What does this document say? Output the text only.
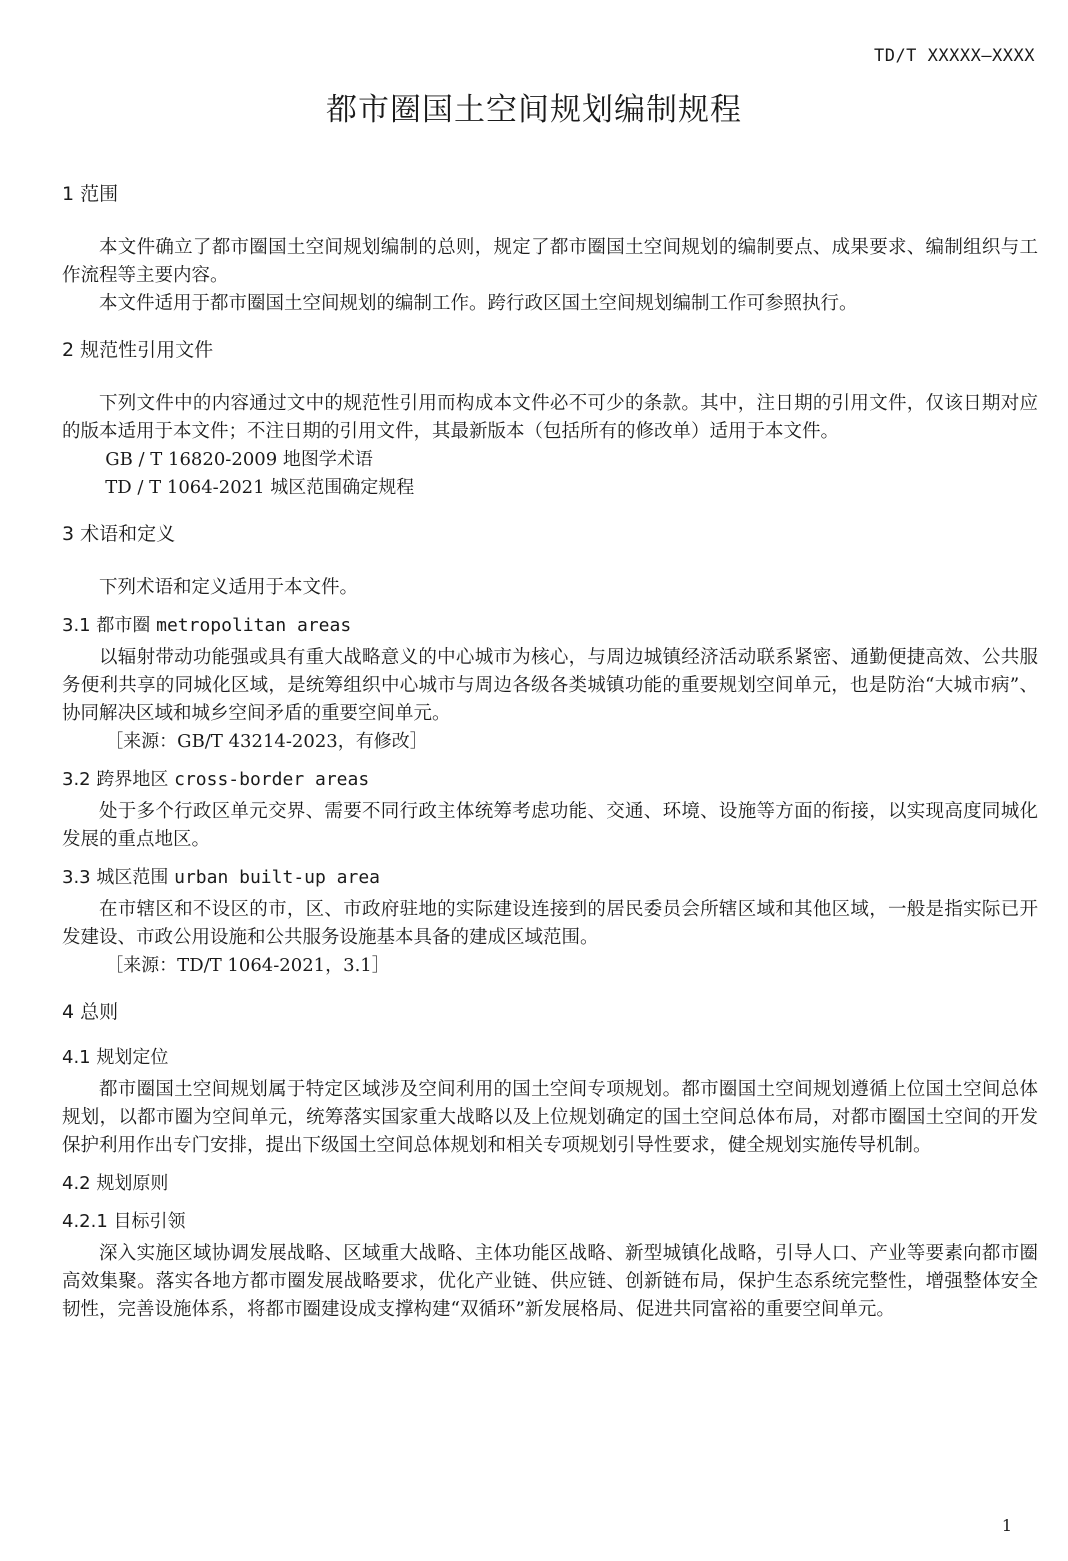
TD/T XXXXX—XXXX
都市圈国土空间规划编制规程
1 范围

本文件确立了都市圈国土空间规划编制的总则，规定了都市圈国土空间规划的编制要点、成果要求、编制组织与工作流程等主要内容。

本文件适用于都市圈国土空间规划的编制工作。跨行政区国土空间规划编制工作可参照执行。

2 规范性引用文件

下列文件中的内容通过文中的规范性引用而构成本文件必不可少的条款。其中，注日期的引用文件，仅该日期对应的版本适用于本文件；不注日期的引用文件，其最新版本（包括所有的修改单）适用于本文件。

GB / T 16820-2009 地图学术语

TD / T 1064-2021 城区范围确定规程

3 术语和定义

下列术语和定义适用于本文件。

3.1 都市圈 metropolitan areas

以辐射带动功能强或具有重大战略意义的中心城市为核心，与周边城镇经济活动联系紧密、通勤便捷高效、公共服务便利共享的同城化区域，是统筹组织中心城市与周边各级各类城镇功能的重要规划空间单元，也是防治“大城市病”、协同解决区域和城乡空间矛盾的重要空间单元。

［来源：GB/T 43214-2023，有修改］

3.2 跨界地区 cross-border areas

处于多个行政区单元交界、需要不同行政主体统筹考虑功能、交通、环境、设施等方面的衔接，以实现高度同城化发展的重点地区。

3.3 城区范围 urban built-up area

在市辖区和不设区的市，区、市政府驻地的实际建设连接到的居民委员会所辖区域和其他区域，一般是指实际已开发建设、市政公用设施和公共服务设施基本具备的建成区域范围。

［来源：TD/T 1064-2021，3.1］

4 总则
4.1 规划定位

都市圈国土空间规划属于特定区域涉及空间利用的国土空间专项规划。都市圈国土空间规划遵循上位国土空间总体规划，以都市圈为空间单元，统筹落实国家重大战略以及上位规划确定的国土空间总体布局，对都市圈国土空间的开发保护利用作出专门安排，提出下级国土空间总体规划和相关专项规划引导性要求，健全规划实施传导机制。

4.2 规划原则
4.2.1 目标引领

深入实施区域协调发展战略、区域重大战略、主体功能区战略、新型城镇化战略，引导人口、产业等要素向都市圈高效集聚。落实各地方都市圈发展战略要求，优化产业链、供应链、创新链布局，保护生态系统完整性，增强整体安全韧性，完善设施体系，将都市圈建设成支撑构建“双循环”新发展格局、促进共同富裕的重要空间单元。

1
